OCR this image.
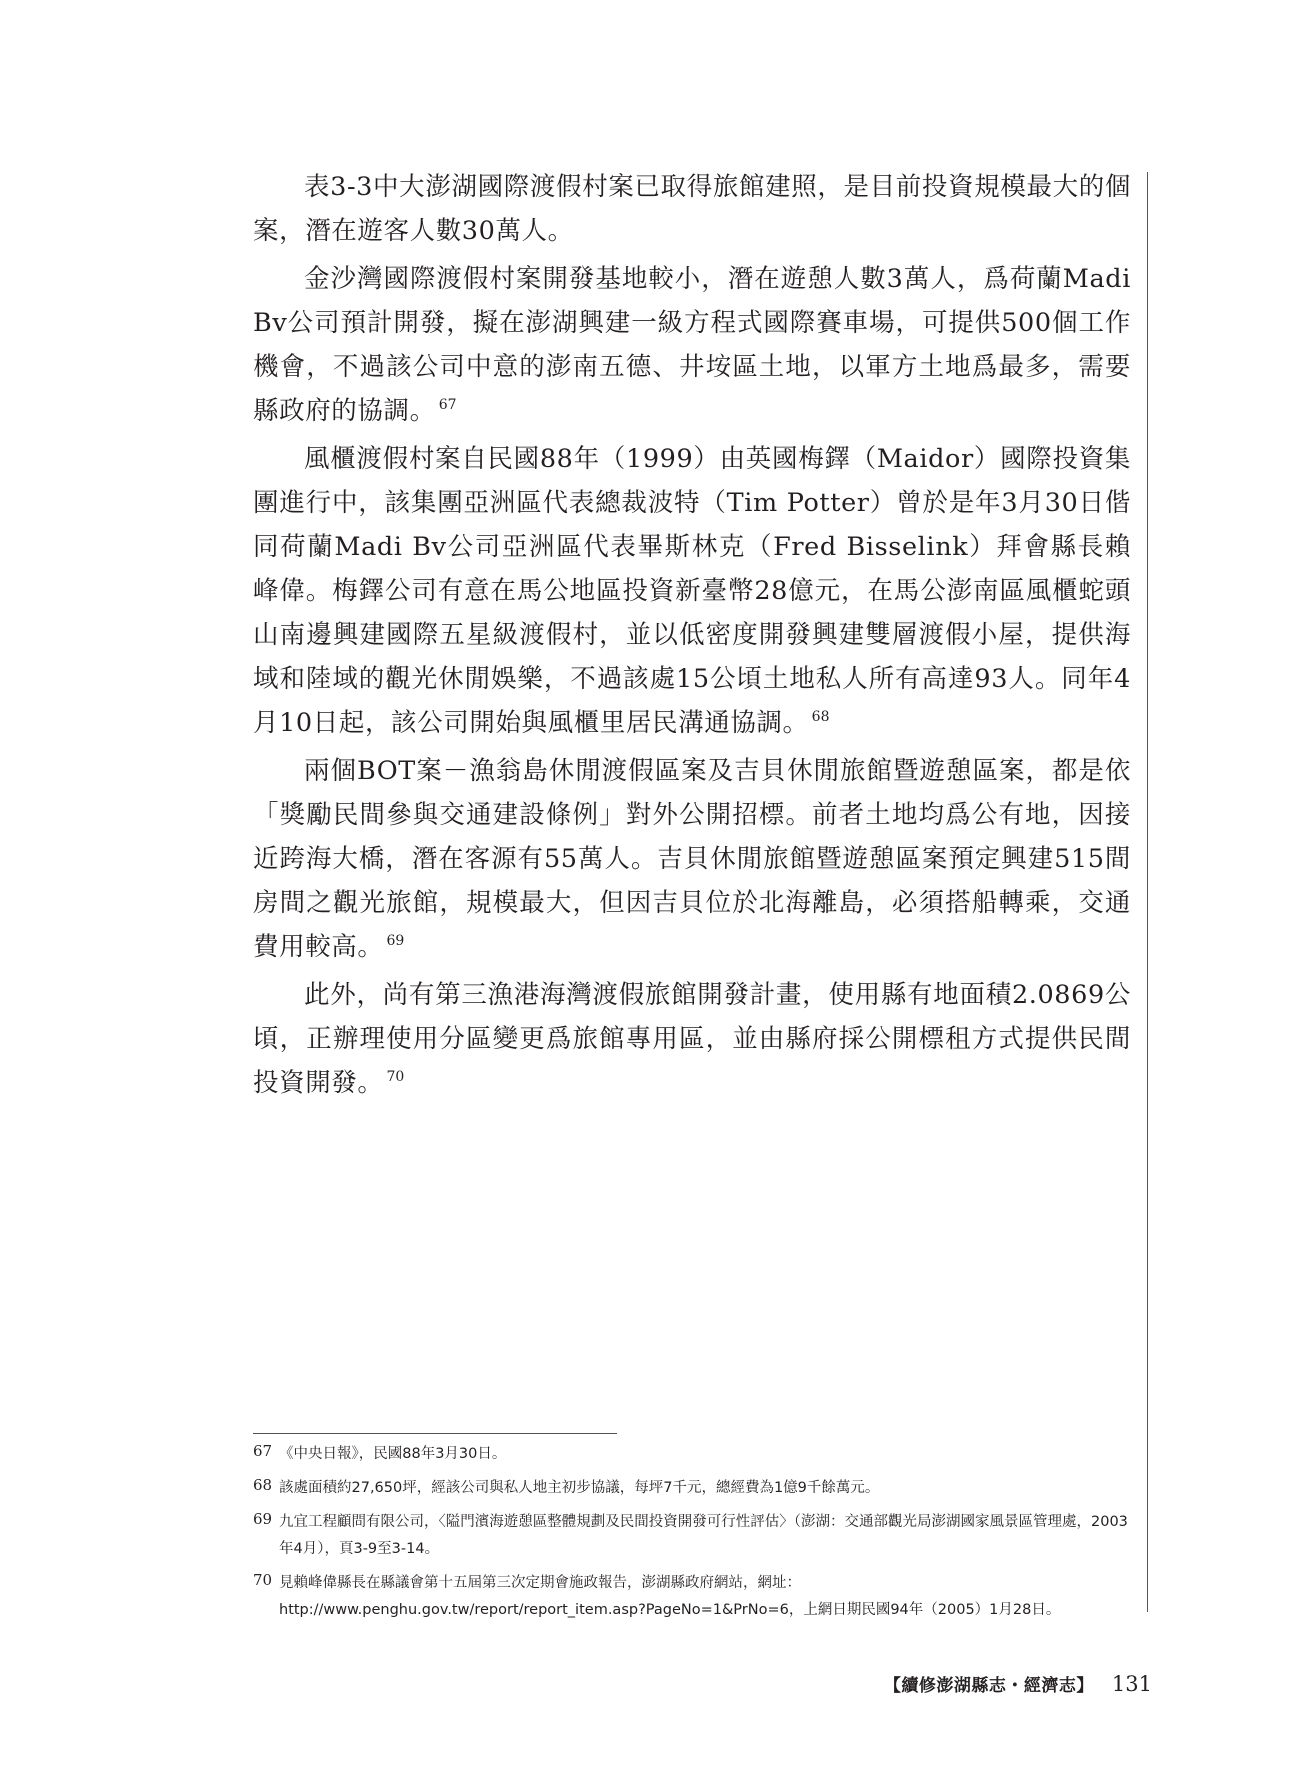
表3-3中大澎湖國際渡假村案已取得旅館建照，是目前投資規模最大的個案，潛在遊客人數30萬人。

金沙灣國際渡假村案開發基地較小，潛在遊憩人數3萬人，爲荷蘭Madi Bv公司預計開發，擬在澎湖興建一級方程式國際賽車場，可提供500個工作機會，不過該公司中意的澎南五德、井垵區土地，以軍方土地爲最多，需要縣政府的協調。 $^{67}$

風櫃渡假村案自民國88年（1999）由英國梅鐸（Maidor）國際投資集團進行中，該集團亞洲區代表總裁波特（Tim Potter）曾於是年3月30日偕同荷蘭Madi Bv公司亞洲區代表畢斯林克（Fred Bisselink）拜會縣長賴峰偉。梅鐸公司有意在馬公地區投資新臺幣28億元，在馬公澎南區風櫃蛇頭山南邊興建國際五星級渡假村，並以低密度開發興建雙層渡假小屋，提供海域和陸域的觀光休閒娛樂，不過該處15公頃土地私人所有高達93人。同年4月10日起，該公司開始與風櫃里居民溝通協調。 $^{68}$

兩個BOT案－漁翁島休閒渡假區案及吉貝休閒旅館暨遊憩區案，都是依「獎勵民間參與交通建設條例」對外公開招標。前者土地均爲公有地，因接近跨海大橋，潛在客源有55萬人。吉貝休閒旅館暨遊憩區案預定興建515間房間之觀光旅館，規模最大，但因吉貝位於北海離島，必須搭船轉乘，交通費用較高。 $^{69}$

此外，尚有第三漁港海灣渡假旅館開發計畫，使用縣有地面積2.0869公頃，正辦理使用分區變更爲旅館專用區，並由縣府採公開標租方式提供民間投資開發。 $^{70}$

67 《中央日報》，民國88年3月30日。
68 該處面積約27,650坪，經該公司與私人地主初步協議，每坪7千元，總經費為1億9千餘萬元。
69 九宜工程顧問有限公司，〈隘門濱海遊憩區整體規劃及民間投資開發可行性評估〉（澎湖：交通部觀光局澎湖國家風景區管理處，2003年4月），頁3-9至3-14。
70 見賴峰偉縣長在縣議會第十五屆第三次定期會施政報告，澎湖縣政府網站，網址：http://www.penghu.gov.tw/report/report_item.asp?PageNo=1&PrNo=6，上網日期民國94年（2005）1月28日。
【續修澎湖縣志・經濟志】 131
